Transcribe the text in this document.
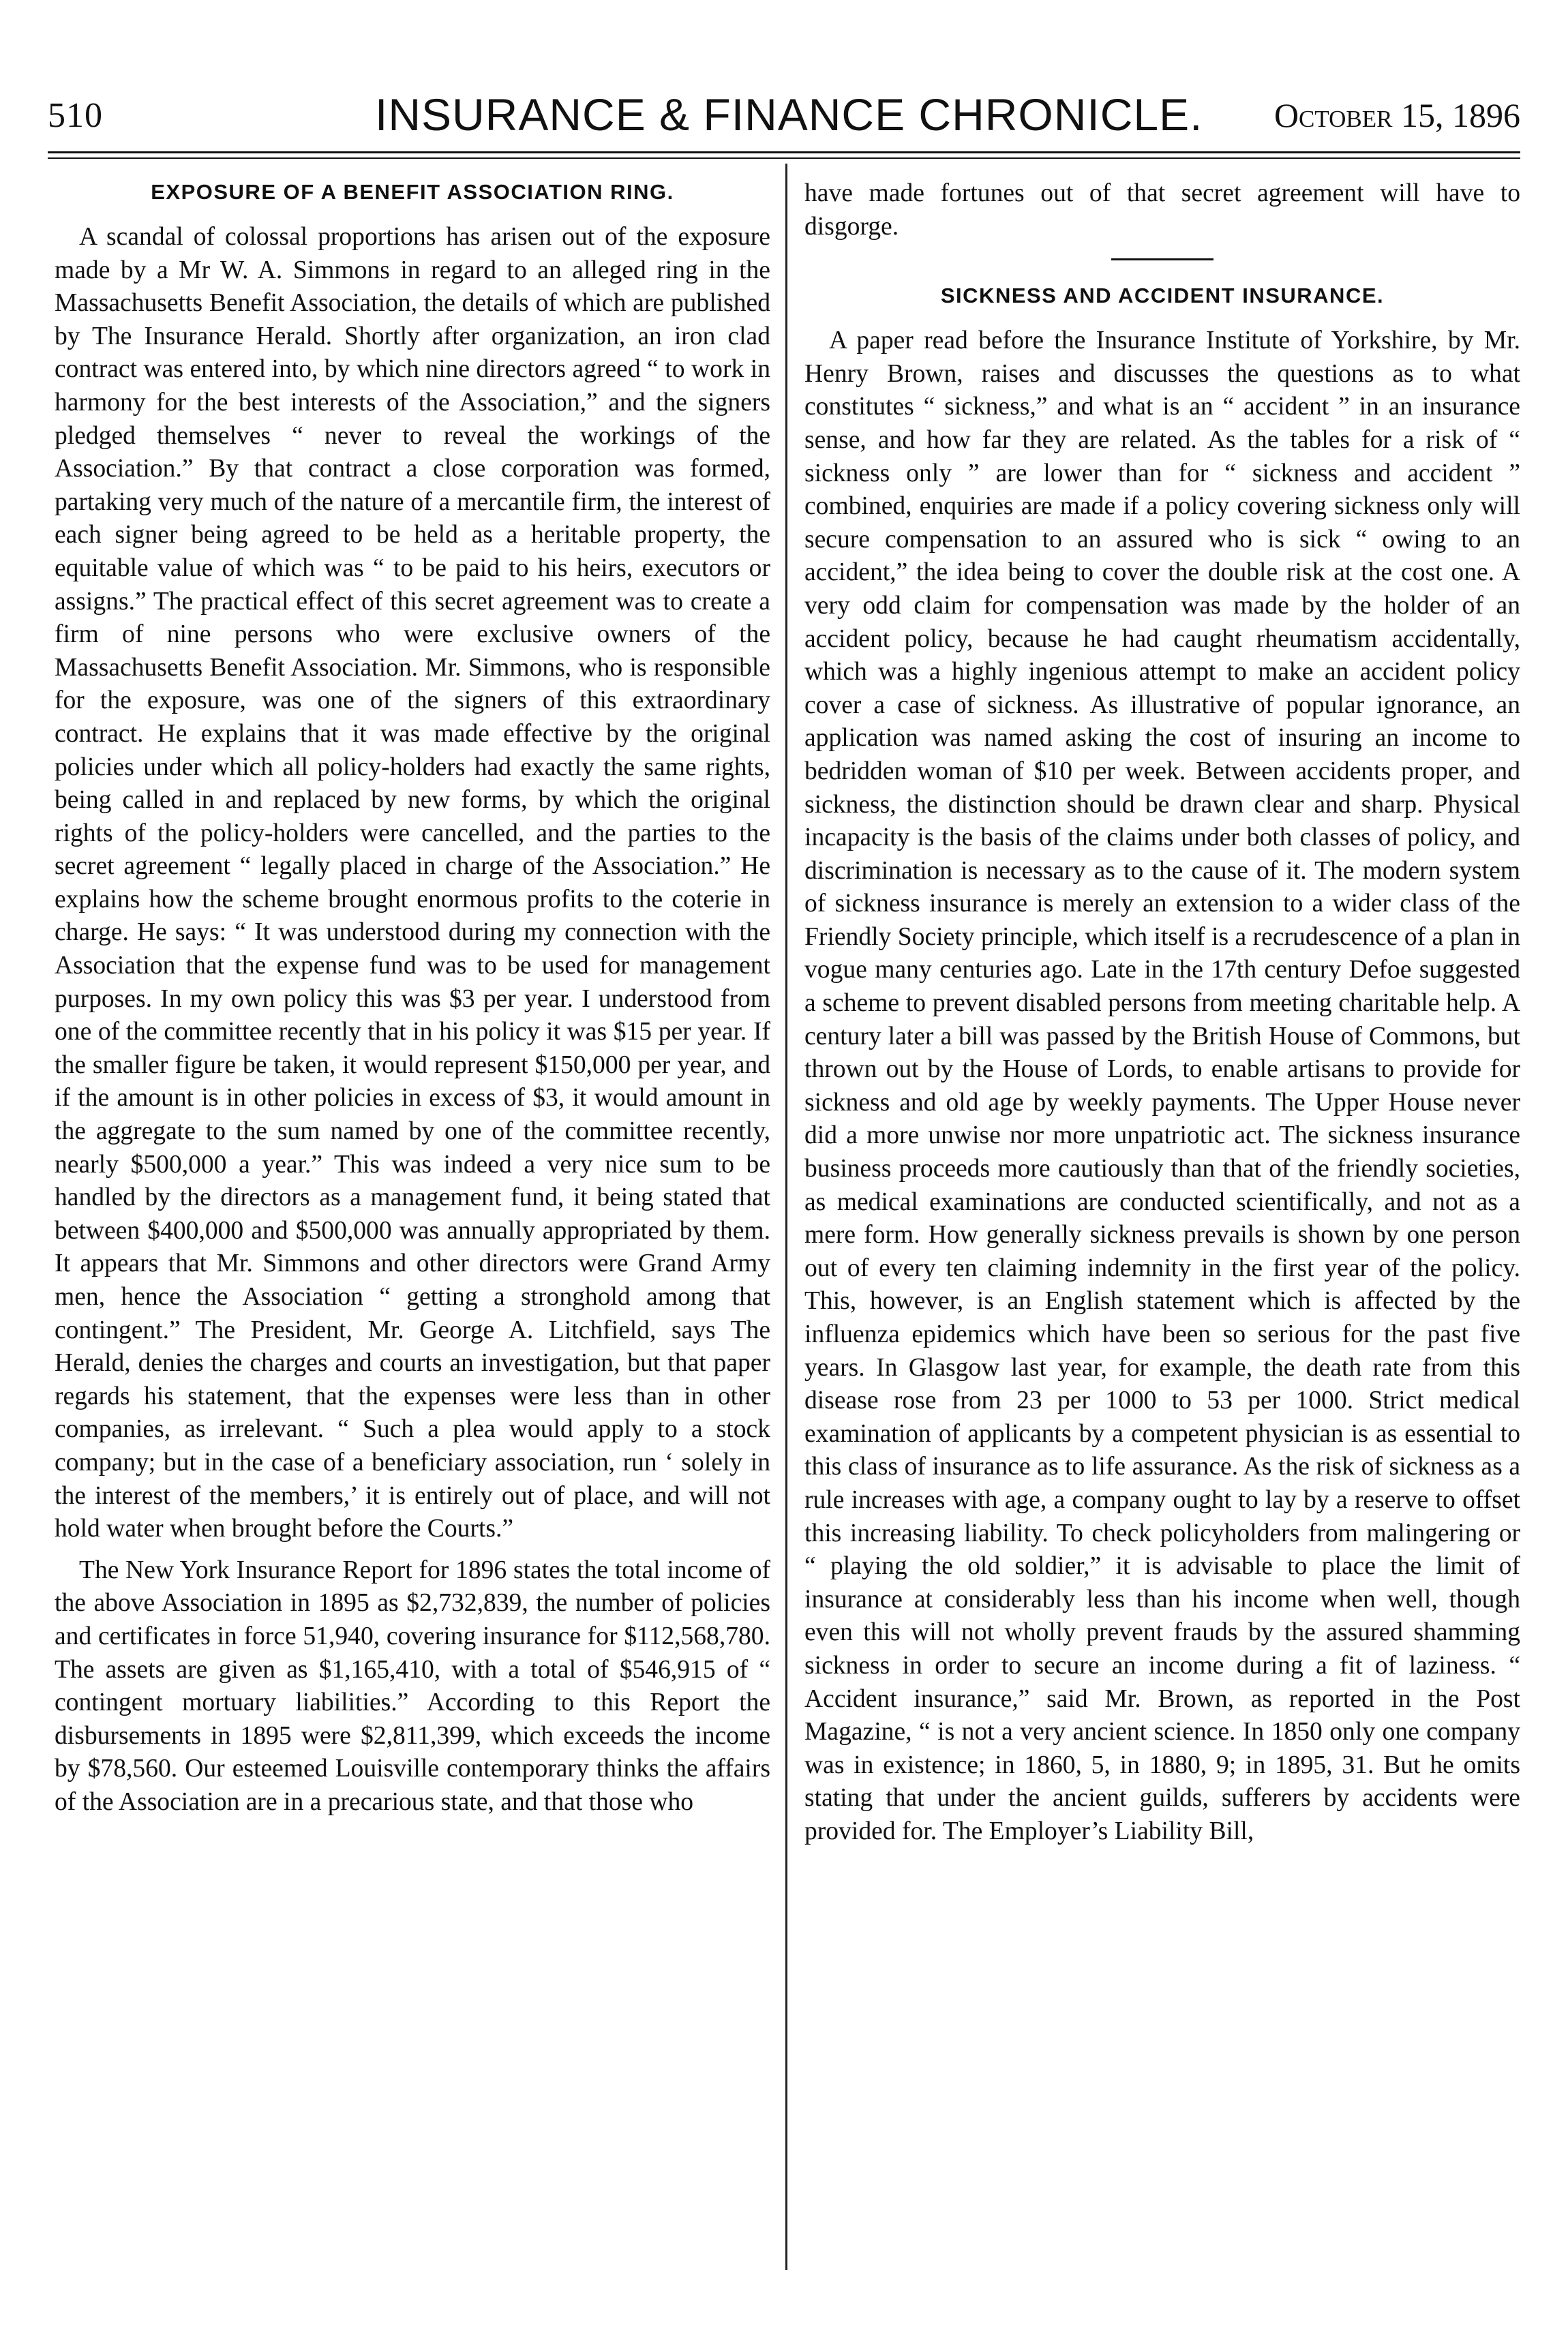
510	INSURANCE & FINANCE CHRONICLE. October 15, 1896
EXPOSURE OF A BENEFIT ASSOCIATION RING.

A scandal of colossal proportions has arisen out of the exposure made by a Mr W. A. Simmons in regard to an alleged ring in the Massachusetts Benefit Association, the details of which are published by The Insurance Herald. Shortly after organization, an iron clad contract was entered into, by which nine directors agreed “ to work in harmony for the best interests of the Association,” and the signers pledged themselves “ never to reveal the workings of the Association.” By that contract a close corporation was formed, partaking very much of the nature of a mercantile firm, the interest of each signer being agreed to be held as a heritable property, the equitable value of which was “ to be paid to his heirs, executors or assigns.” The practical effect of this secret agreement was to create a firm of nine persons who were exclusive owners of the Massachusetts Benefit Association. Mr. Simmons, who is responsible for the exposure, was one of the signers of this extraordinary contract. He explains that it was made effective by the original policies under which all policy-holders had exactly the same rights, being called in and replaced by new forms, by which the original rights of the policy-holders were cancelled, and the parties to the secret agreement “ legally placed in charge of the Association.” He explains how the scheme brought enormous profits to the coterie in charge. He says: “ It was understood during my connection with the Association that the expense fund was to be used for management purposes. In my own policy this was $3 per year. I understood from one of the committee recently that in his policy it was $15 per year. If the smaller figure be taken, it would represent $150,000 per year, and if the amount is in other policies in excess of $3, it would amount in the aggregate to the sum named by one of the committee recently, nearly $500,000 a year.” This was indeed a very nice sum to be handled by the directors as a management fund, it being stated that between $400,000 and $500,000 was annually appropriated by them. It appears that Mr. Simmons and other directors were Grand Army men, hence the Association “ getting a stronghold among that contingent.” The President, Mr. George A. Litchfield, says The Herald, denies the charges and courts an investigation, but that paper regards his statement, that the expenses were less than in other companies, as irrelevant. “ Such a plea would apply to a stock company; but in the case of a beneficiary association, run ‘ solely in the interest of the members,’ it is entirely out of place, and will not hold water when brought before the Courts.”

The New York Insurance Report for 1896 states the total income of the above Association in 1895 as $2,732,839, the number of policies and certificates in force 51,940, covering insurance for $112,568,780. The assets are given as $1,165,410, with a total of $546,915 of “ contingent mortuary liabilities.” According to this Report the disbursements in 1895 were $2,811,399, which exceeds the income by $78,560. Our esteemed Louisville contemporary thinks the affairs of the Association are in a precarious state, and that those who

have made fortunes out of that secret agreement will have to disgorge.

SICKNESS AND ACCIDENT INSURANCE.

A paper read before the Insurance Institute of Yorkshire, by Mr. Henry Brown, raises and discusses the questions as to what constitutes “ sickness,” and what is an “ accident ” in an insurance sense, and how far they are related. As the tables for a risk of “ sickness only ” are lower than for “ sickness and accident ” combined, enquiries are made if a policy covering sickness only will secure compensation to an assured who is sick “ owing to an accident,” the idea being to cover the double risk at the cost one. A very odd claim for compensation was made by the holder of an accident policy, because he had caught rheumatism accidentally, which was a highly ingenious attempt to make an accident policy cover a case of sickness. As illustrative of popular ignorance, an application was named asking the cost of insuring an income to bedridden woman of $10 per week. Between accidents proper, and sickness, the distinction should be drawn clear and sharp. Physical incapacity is the basis of the claims under both classes of policy, and discrimination is necessary as to the cause of it. The modern system of sickness insurance is merely an extension to a wider class of the Friendly Society principle, which itself is a recrudescence of a plan in vogue many centuries ago. Late in the 17th century Defoe suggested a scheme to prevent disabled persons from meeting charitable help. A century later a bill was passed by the British House of Commons, but thrown out by the House of Lords, to enable artisans to provide for sickness and old age by weekly payments. The Upper House never did a more unwise nor more unpatriotic act. The sickness insurance business proceeds more cautiously than that of the friendly societies, as medical examinations are conducted scientifically, and not as a mere form. How generally sickness prevails is shown by one person out of every ten claiming indemnity in the first year of the policy. This, however, is an English statement which is affected by the influenza epidemics which have been so serious for the past five years. In Glasgow last year, for example, the death rate from this disease rose from 23 per 1000 to 53 per 1000. Strict medical examination of applicants by a competent physician is as essential to this class of insurance as to life assurance. As the risk of sickness as a rule increases with age, a company ought to lay by a reserve to offset this increasing liability. To check policyholders from malingering or “ playing the old soldier,” it is advisable to place the limit of insurance at considerably less than his income when well, though even this will not wholly prevent frauds by the assured shamming sickness in order to secure an income during a fit of laziness. “ Accident insurance,” said Mr. Brown, as reported in the Post Magazine, “ is not a very ancient science. In 1850 only one company was in existence; in 1860, 5, in 1880, 9; in 1895, 31. But he omits stating that under the ancient guilds, sufferers by accidents were provided for. The Employer’s Liability Bill,
